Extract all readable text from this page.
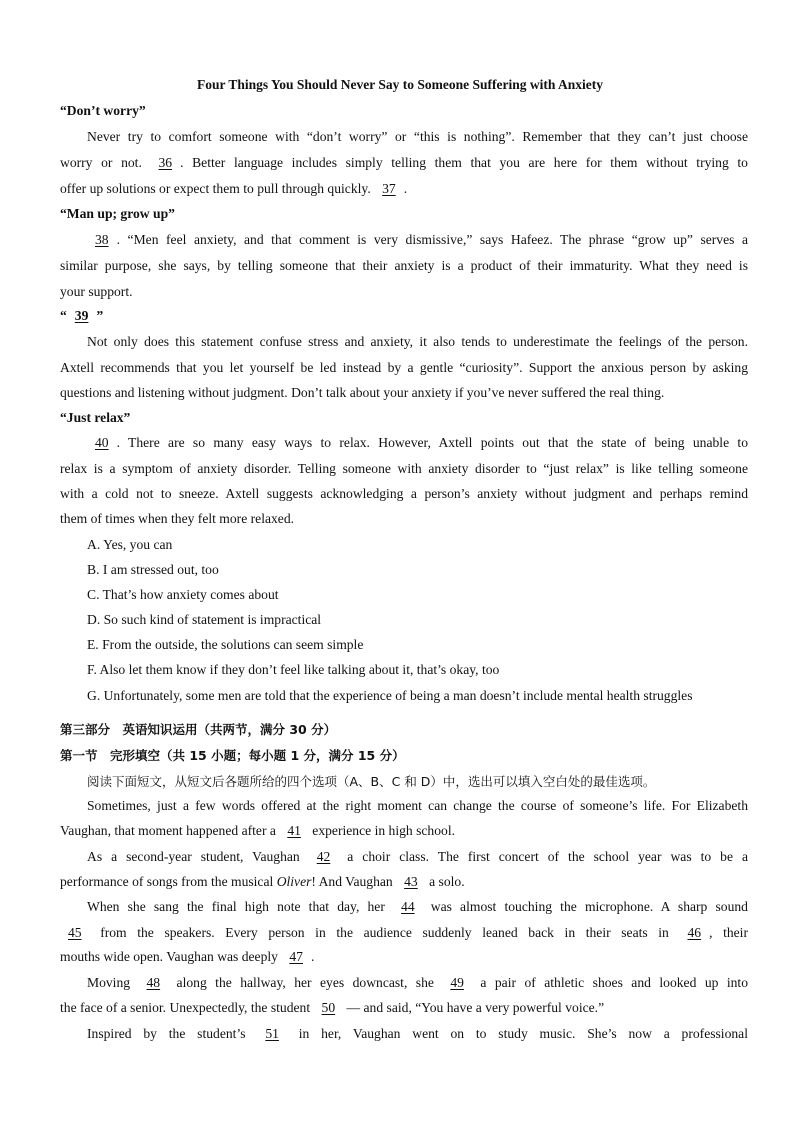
Four Things You Should Never Say to Someone Suffering with Anxiety
“Don’t worry”
Never try to comfort someone with “don’t worry” or “this is nothing”. Remember that they can’t just choose
worry or not. 36 . Better language includes simply telling them that you are here for them without trying to
offer up solutions or expect them to pull through quickly. 37 .
“Man up; grow up”
38 . “Men feel anxiety, and that comment is very dismissive,” says Hafeez. The phrase “grow up” serves a
similar purpose, she says, by telling someone that their anxiety is a product of their immaturity. What they need is
your support.
“ 39 ”
Not only does this statement confuse stress and anxiety, it also tends to underestimate the feelings of the person.
Axtell recommends that you let yourself be led instead by a gentle “curiosity”. Support the anxious person by asking
questions and listening without judgment. Don’t talk about your anxiety if you’ve never suffered the real thing.
“Just relax”
40 . There are so many easy ways to relax. However, Axtell points out that the state of being unable to
relax is a symptom of anxiety disorder. Telling someone with anxiety disorder to “just relax” is like telling someone
with a cold not to sneeze. Axtell suggests acknowledging a person’s anxiety without judgment and perhaps remind
them of times when they felt more relaxed.
A. Yes, you can
B. I am stressed out, too
C. That’s how anxiety comes about
D. So such kind of statement is impractical
E. From the outside, the solutions can seem simple
F. Also let them know if they don’t feel like talking about it, that’s okay, too
G. Unfortunately, some men are told that the experience of being a man doesn’t include mental health struggles
第三部分　英语知识运用（共两节，满分 30 分）
第一节　完形填空（共 15 小题；每小题 1 分，满分 15 分）
阅读下面短文，从短文后各题所给的四个选项（A、B、C 和 D）中，选出可以填入空白处的最佳选项。
Sometimes, just a few words offered at the right moment can change the course of someone’s life. For Elizabeth
Vaughan, that moment happened after a 41 experience in high school.
As a second-year student, Vaughan 42 a choir class. The first concert of the school year was to be a
performance of songs from the musical Oliver! And Vaughan 43 a solo.
When she sang the final high note that day, her 44 was almost touching the microphone. A sharp sound
45 from the speakers. Every person in the audience suddenly leaned back in their seats in 46 , their
mouths wide open. Vaughan was deeply 47 .
Moving 48 along the hallway, her eyes downcast, she 49 a pair of athletic shoes and looked up into
the face of a senior. Unexpectedly, the student 50 — and said, “You have a very powerful voice.”
Inspired by the student’s 51 in her, Vaughan went on to study music. She’s now a professional
